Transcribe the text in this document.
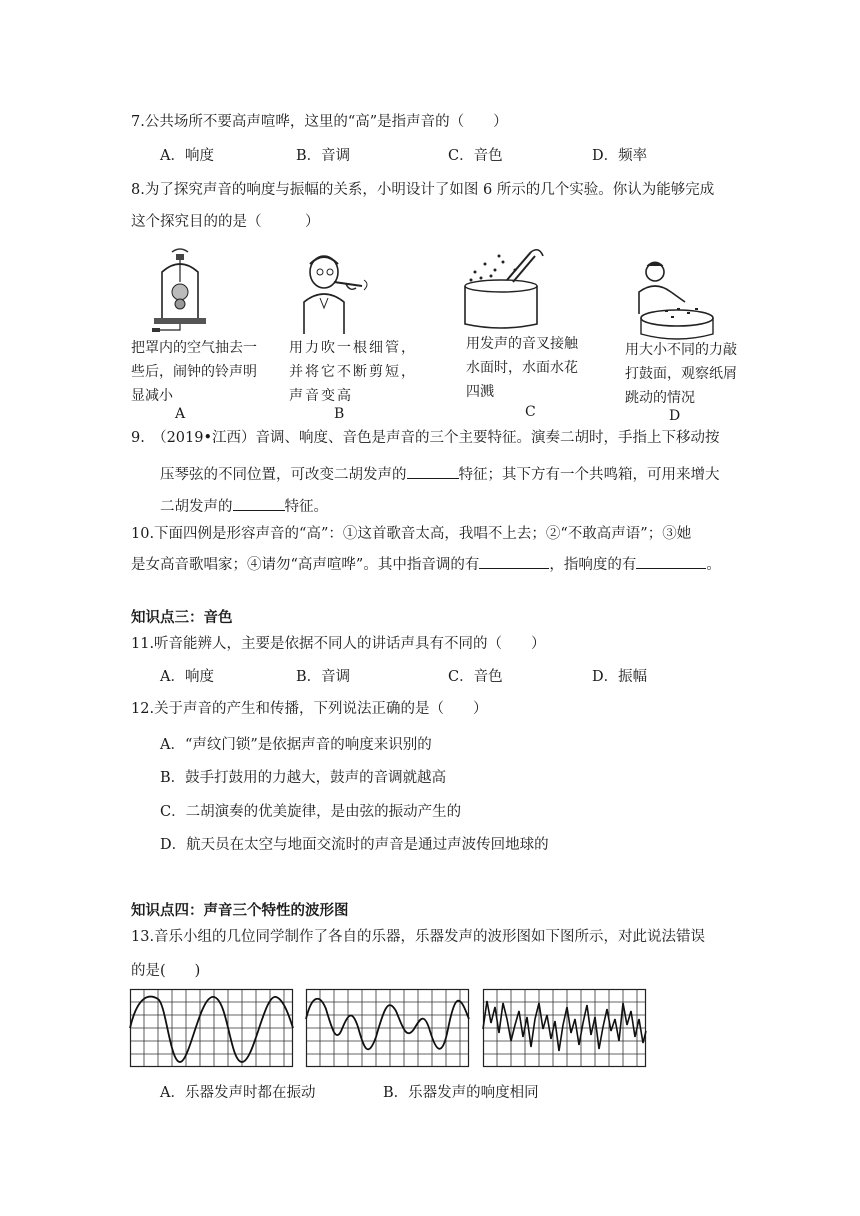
7.公共场所不要高声喧哗，这里的“高”是指声音的（　　）
A．响度	B．音调	C．音色	D．频率
8.为了探究声音的响度与振幅的关系，小明设计了如图 6 所示的几个实验。你认为能够完成
这个探究目的的是（　　　）
把罩内的空气抽去一些后，闹钟的铃声明显减小
A
用力吹一根细管，并将它不断剪短，声音变高
B
用发声的音叉接触水面时，水面水花四溅
C
用大小不同的力敲打鼓面，观察纸屑跳动的情况
D
9.　（2019•江西）音调、响度、音色是声音的三个主要特征。演奏二胡时，手指上下移动按
压琴弦的不同位置，可改变二胡发声的	特征；其下方有一个共鸣箱，可用来增大
二胡发声的	特征。
10.下面四例是形容声音的“高”：①这首歌音太高，我唱不上去；②“不敢高声语”；③她
是女高音歌唱家；④请勿“高声喧哗”。其中指音调的有	，指响度的有	。
知识点三：音色
11.听音能辨人，主要是依据不同人的讲话声具有不同的（　　）
A．响度	B．音调	C．音色	D．振幅
12.关于声音的产生和传播，下列说法正确的是（　　）
A．“声纹门锁”是依据声音的响度来识别的
B．鼓手打鼓用的力越大，鼓声的音调就越高
C．二胡演奏的优美旋律，是由弦的振动产生的
D．航天员在太空与地面交流时的声音是通过声波传回地球的
知识点四：声音三个特性的波形图
13.音乐小组的几位同学制作了各自的乐器，乐器发声的波形图如下图所示，对此说法错误
的是(　　)
A．乐器发声时都在振动	B．乐器发声的响度相同
